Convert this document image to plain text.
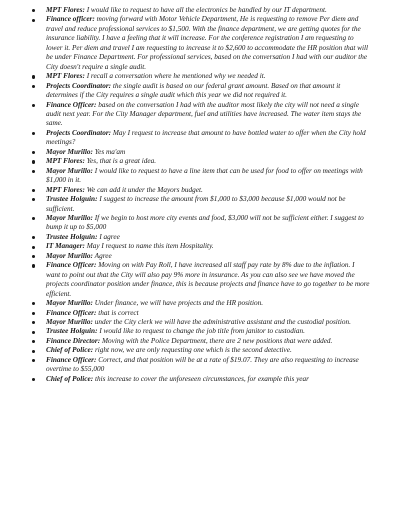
MPT Flores: I would like to request to have all the electronics be handled by our IT department.
Finance officer: moving forward with Motor Vehicle Department, He is requesting to remove Per diem and travel and reduce professional services to $1,500. With the finance department, we are getting quotes for the insurance liability. I have a feeling that it will increase. For the conference registration I am requesting to lower it. Per diem and travel I am requesting to increase it to $2,600 to accommodate the HR position that will be under Finance Department. For professional services, based on the conversation I had with our auditor the City doesn't require a single audit.
MPT Flores: I recall a conversation where he mentioned why we needed it.
Projects Coordinator: the single audit is based on our federal grant amount. Based on that amount it determines if the City requires a single audit which this year we did not required it.
Finance Officer: based on the conversation I had with the auditor most likely the city will not need a single audit next year. For the City Manager department, fuel and utilities have increased. The water item stays the same.
Projects Coordinator: May I request to increase that amount to have bottled water to offer when the City hold meetings?
Mayor Murillo: Yes ma'am
MPT Flores: Yes, that is a great idea.
Mayor Murillo: I would like to request to have a line item that can be used for food to offer on meetings with $1,000 in it.
MPT Flores: We can add it under the Mayors budget.
Trustee Holguin: I suggest to increase the amount from $1,000 to $3,000 because $1,000 would not be sufficient.
Mayor Murillo: If we begin to host more city events and food, $3,000 will not be sufficient either. I suggest to bump it up to $5,000
Trustee Holguin: I agree
IT Manager: May I request to name this item Hospitality.
Mayor Murillo: Agree
Finance Officer: Moving on with Pay Roll, I have increased all staff pay rate by 8% due to the inflation. I want to point out that the City will also pay 9% more in insurance. As you can also see we have moved the projects coordinator position under finance, this is because projects and finance have to go together to be more efficient.
Mayor Murillo: Under finance, we will have projects and the HR position.
Finance Officer: that is correct
Mayor Murillo: under the City clerk we will have the administrative assistant and the custodial position.
Trustee Holguin: I would like to request to change the job title from janitor to custodian.
Finance Director: Moving with the Police Department, there are 2 new positions that were added.
Chief of Police: right now, we are only requesting one which is the second detective.
Finance Officer: Correct, and that position will be at a rate of $19.07. They are also requesting to increase overtime to $55,000
Chief of Police: this increase to cover the unforeseen circumstances, for example this year
